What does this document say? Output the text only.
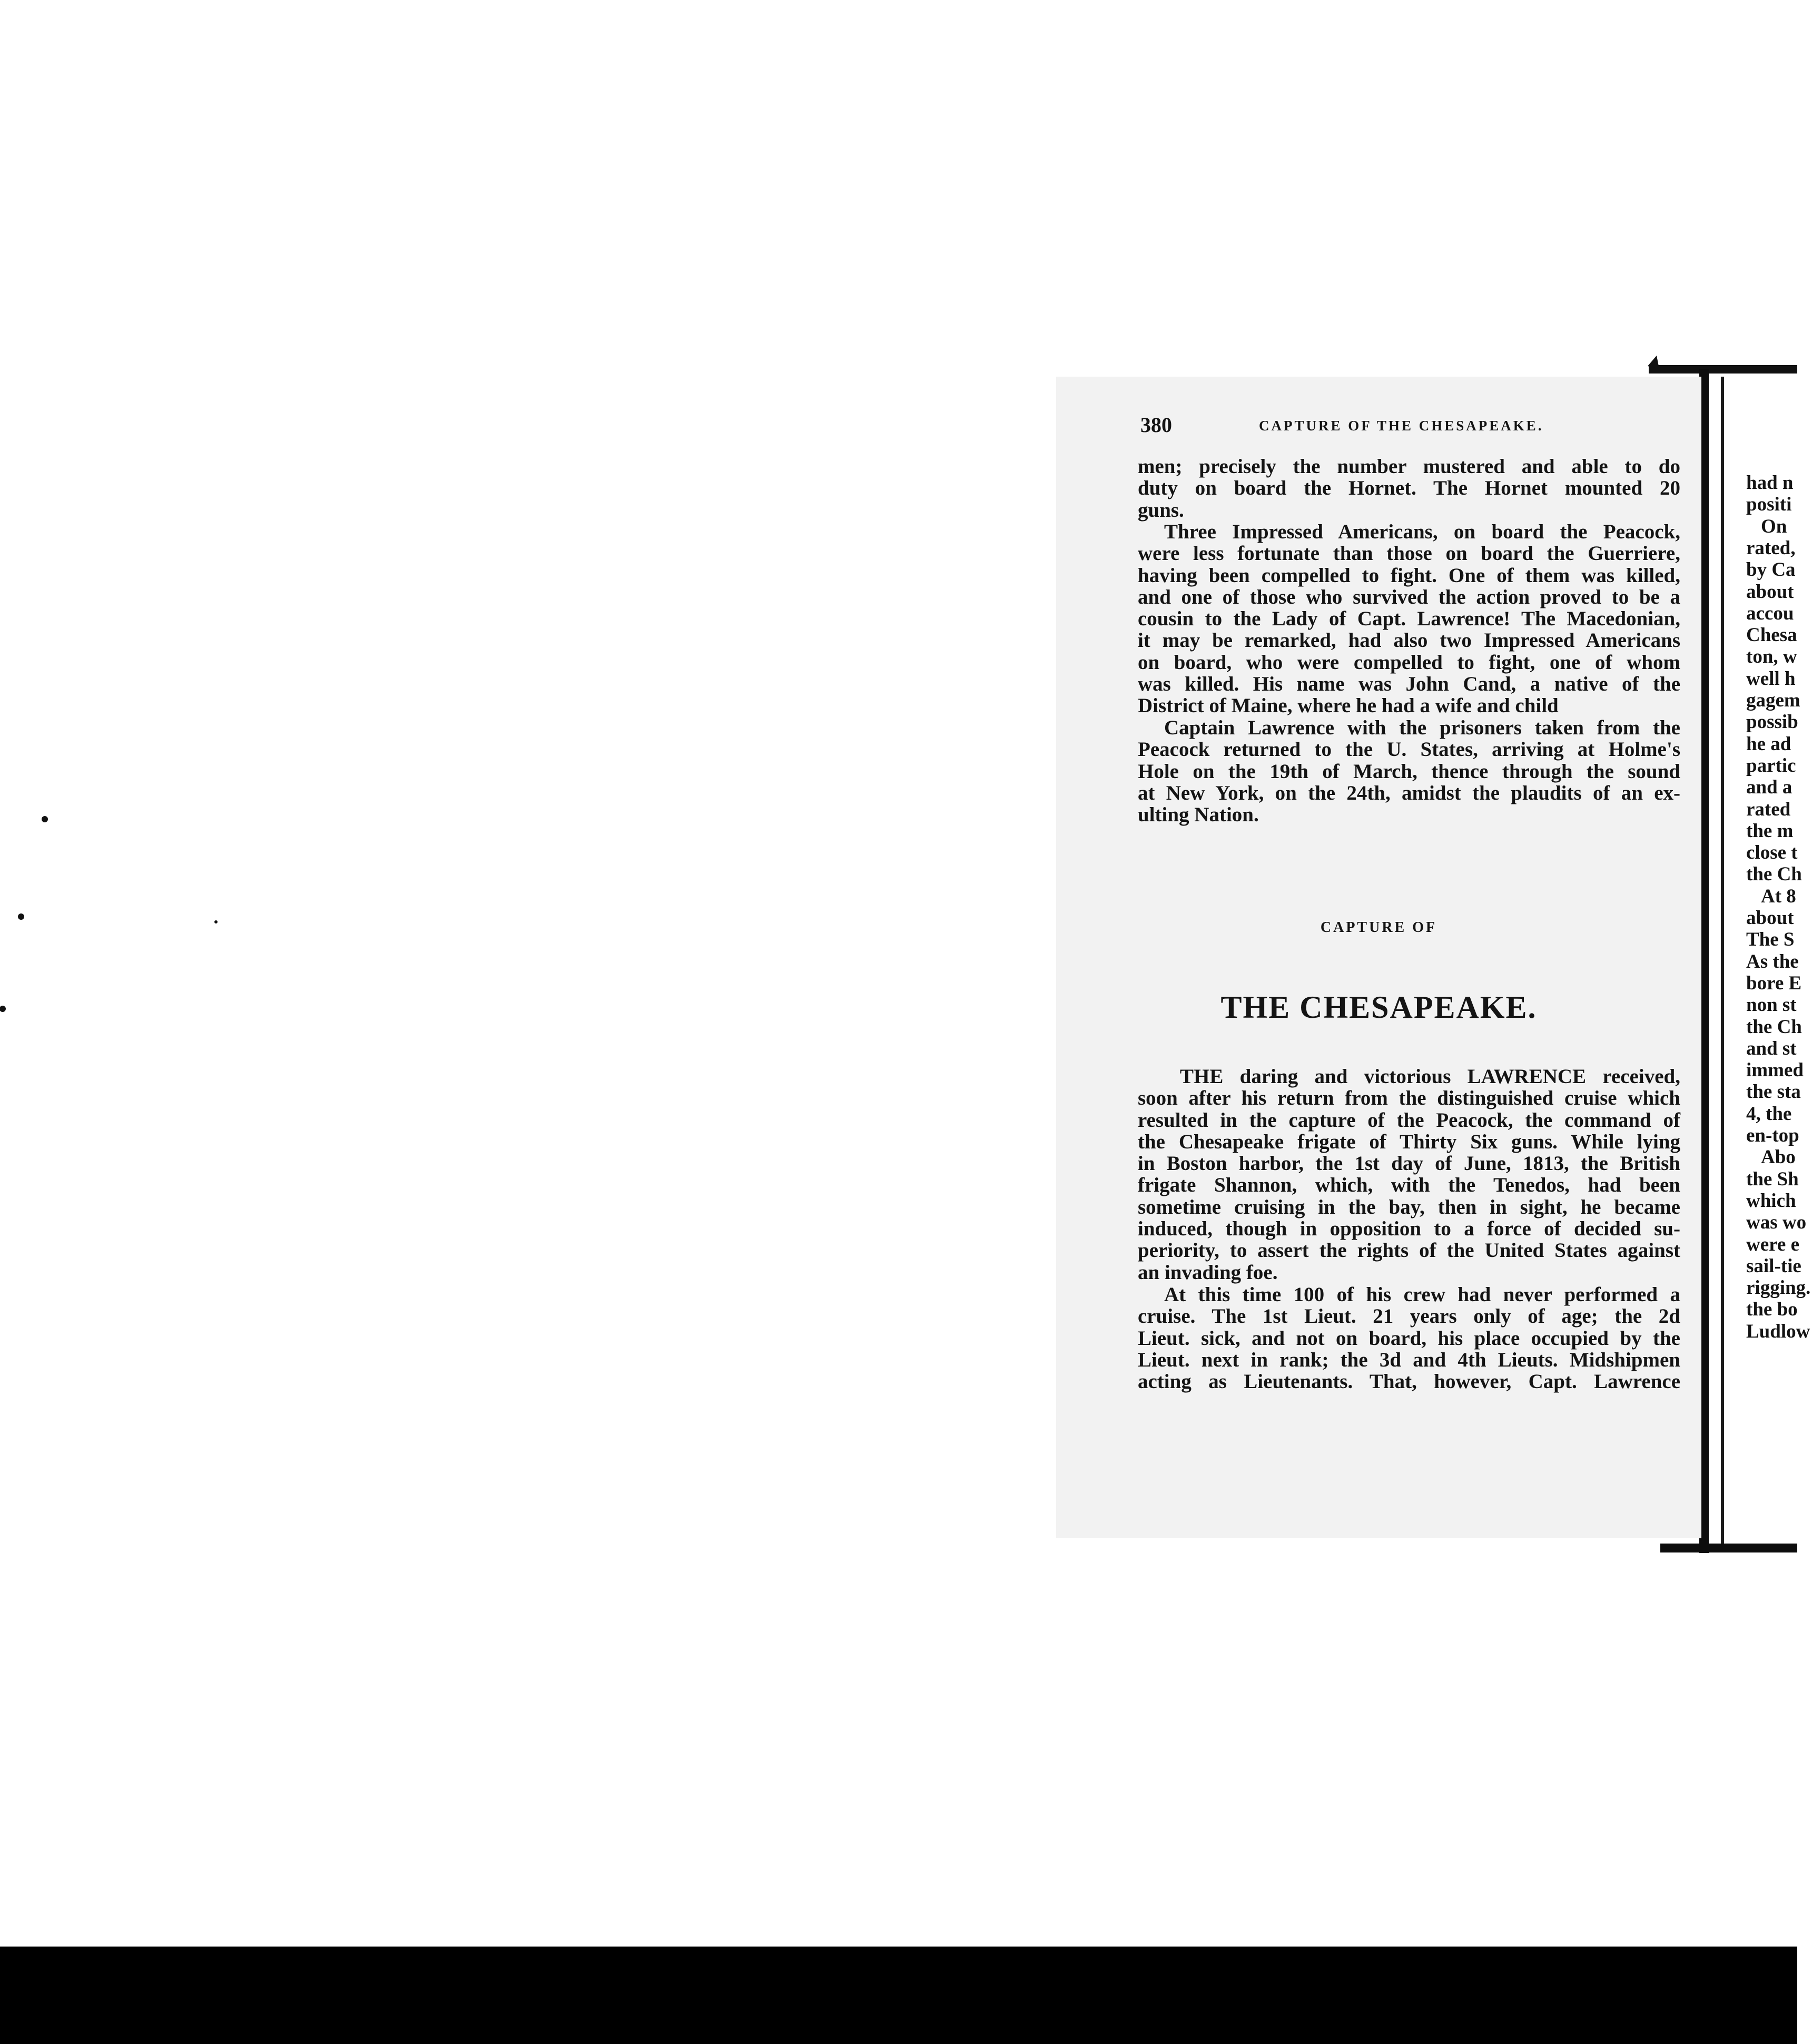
380	CAPTURE OF THE CHESAPEAKE.
men; precisely the number mustered and able to do
duty on board the Hornet. The Hornet mounted 20
guns.
Three Impressed Americans, on board the Peacock,
were less fortunate than those on board the Guerriere,
having been compelled to fight. One of them was killed,
and one of those who survived the action proved to be a
cousin to the Lady of Capt. Lawrence! The Macedonian,
it may be remarked, had also two Impressed Americans
on board, who were compelled to fight, one of whom
was killed. His name was John Cand, a native of the
District of Maine, where he had a wife and child
Captain Lawrence with the prisoners taken from the
Peacock returned to the U. States, arriving at Holme's
Hole on the 19th of March, thence through the sound
at New York, on the 24th, amidst the plaudits of an ex-
ulting Nation.
CAPTURE OF
THE CHESAPEAKE.
THE daring and victorious LAWRENCE received,
soon after his return from the distinguished cruise which
resulted in the capture of the Peacock, the command of
the Chesapeake frigate of Thirty Six guns. While lying
in Boston harbor, the 1st day of June, 1813, the British
frigate Shannon, which, with the Tenedos, had been
sometime cruising in the bay, then in sight, he became
induced, though in opposition to a force of decided su-
periority, to assert the rights of the United States against
an invading foe.
At this time 100 of his crew had never performed a
cruise. The 1st Lieut. 21 years only of age; the 2d
Lieut. sick, and not on board, his place occupied by the
Lieut. next in rank; the 3d and 4th Lieuts. Midshipmen
acting as Lieutenants. That, however, Capt. Lawrence
had n
positi
On
rated,
by Ca
about
accou
Chesa
ton, w
well h
gagem
possib
he ad
partic
and a
rated
the m
close t
the Ch
At 8
about
The S
As the
bore E
non st
the Ch
and st
immed
the sta
4, the
en-top
Abo
the Sh
which
was wo
were e
sail-tie
rigging.
the bo
Ludlow
